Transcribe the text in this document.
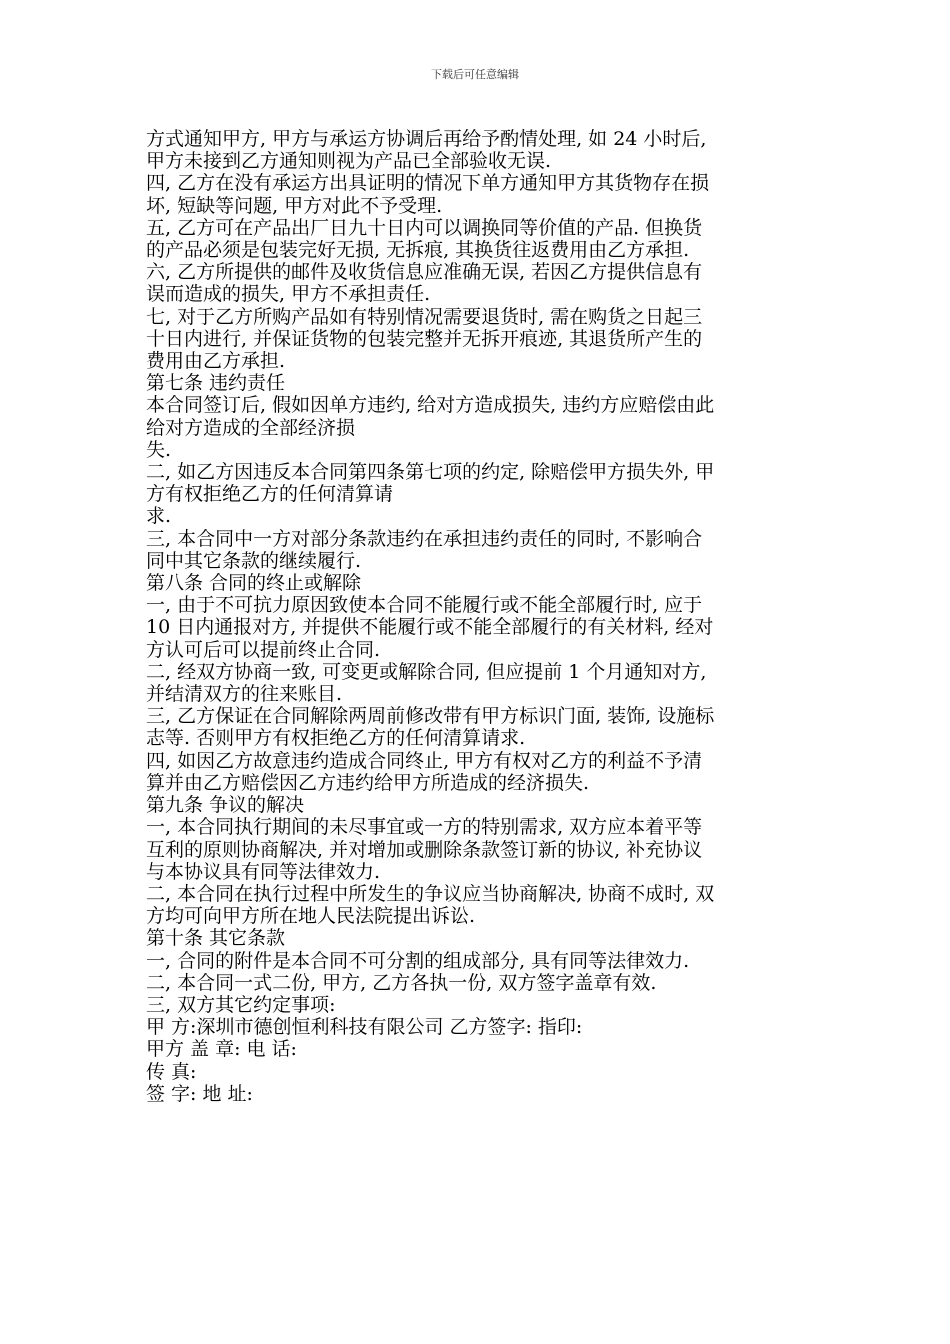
下载后可任意编辑
方式通知甲方, 甲方与承运方协调后再给予酌情处理, 如 24 小时后,
甲方未接到乙方通知则视为产品已全部验收无误.
四, 乙方在没有承运方出具证明的情况下单方通知甲方其货物存在损
坏, 短缺等问题, 甲方对此不予受理.
五, 乙方可在产品出厂日九十日内可以调换同等价值的产品. 但换货
的产品必须是包装完好无损, 无拆痕, 其换货往返费用由乙方承担.
六, 乙方所提供的邮件及收货信息应准确无误, 若因乙方提供信息有
误而造成的损失, 甲方不承担责任.
七, 对于乙方所购产品如有特别情况需要退货时, 需在购货之日起三
十日内进行, 并保证货物的包装完整并无拆开痕迹, 其退货所产生的
费用由乙方承担.
第七条 违约责任
本合同签订后, 假如因单方违约, 给对方造成损失, 违约方应赔偿由此
给对方造成的全部经济损
失.
二, 如乙方因违反本合同第四条第七项的约定, 除赔偿甲方损失外, 甲
方有权拒绝乙方的任何清算请
求.
三, 本合同中一方对部分条款违约在承担违约责任的同时, 不影响合
同中其它条款的继续履行.
第八条 合同的终止或解除
一, 由于不可抗力原因致使本合同不能履行或不能全部履行时, 应于
10 日内通报对方, 并提供不能履行或不能全部履行的有关材料, 经对
方认可后可以提前终止合同.
二, 经双方协商一致, 可变更或解除合同, 但应提前 1 个月通知对方,
并结清双方的往来账目.
三, 乙方保证在合同解除两周前修改带有甲方标识门面, 装饰, 设施标
志等. 否则甲方有权拒绝乙方的任何清算请求.
四, 如因乙方故意违约造成合同终止, 甲方有权对乙方的利益不予清
算并由乙方赔偿因乙方违约给甲方所造成的经济损失.
第九条 争议的解决
一, 本合同执行期间的未尽事宜或一方的特别需求, 双方应本着平等
互利的原则协商解决, 并对增加或删除条款签订新的协议, 补充协议
与本协议具有同等法律效力.
二, 本合同在执行过程中所发生的争议应当协商解决, 协商不成时, 双
方均可向甲方所在地人民法院提出诉讼.
第十条 其它条款
一, 合同的附件是本合同不可分割的组成部分, 具有同等法律效力.
二, 本合同一式二份, 甲方, 乙方各执一份, 双方签字盖章有效.
三, 双方其它约定事项:
甲 方:深圳市德创恒利科技有限公司 乙方签字: 指印:
甲方 盖 章: 电 话:
传 真:
签 字: 地 址:
